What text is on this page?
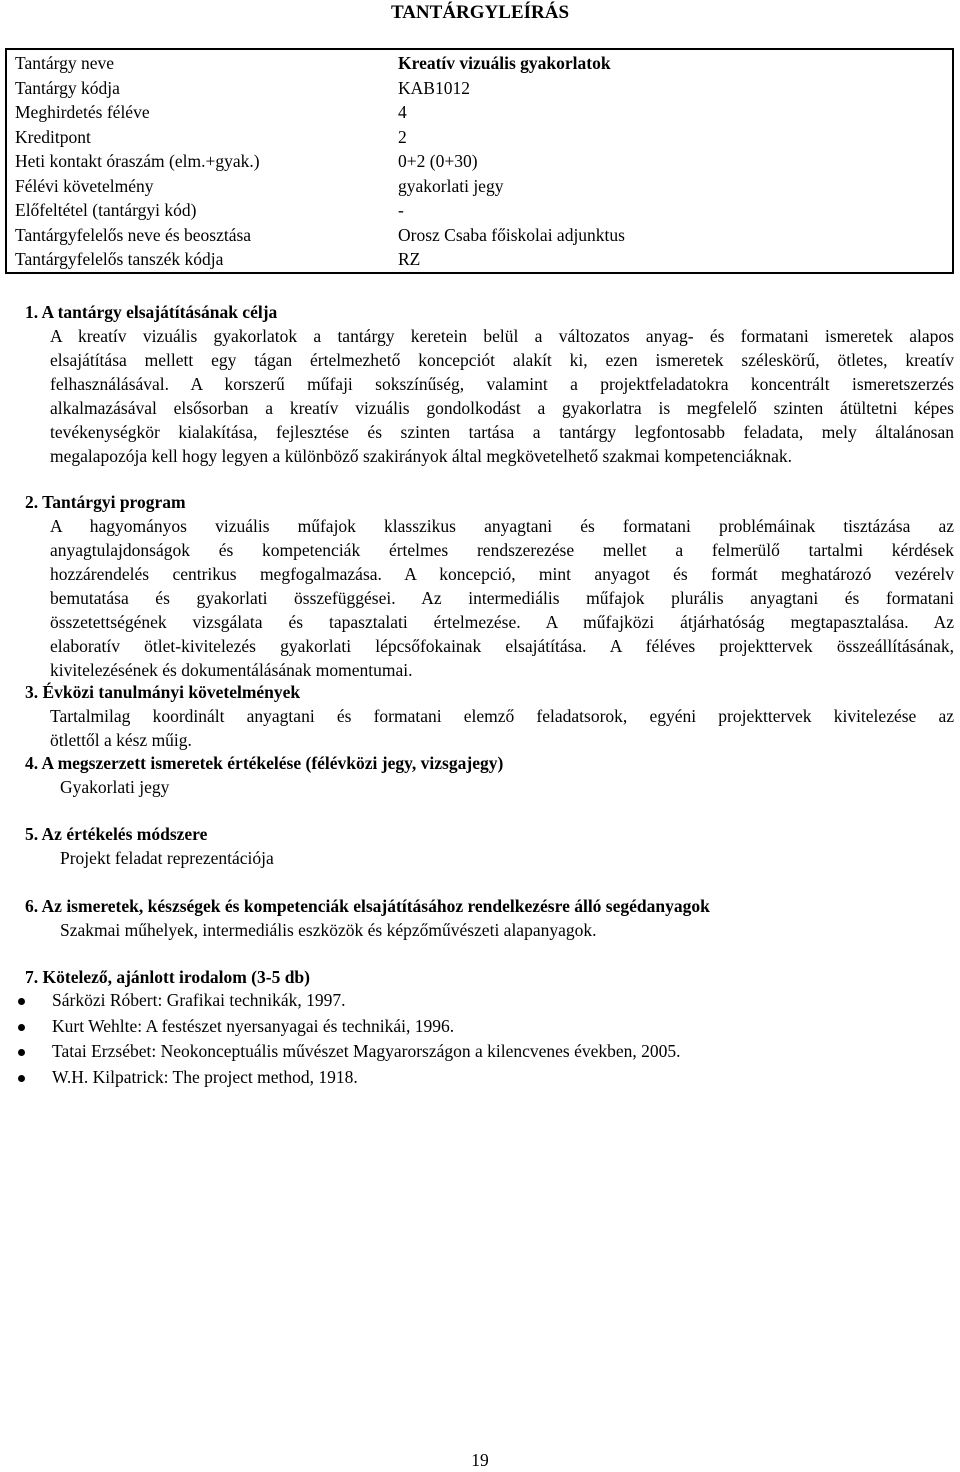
TANTÁRGYLEÍRÁS
Tantárgy neve	Kreatív vizuális gyakorlatok
Tantárgy kódja	KAB1012
Meghirdetés féléve	4
Kreditpont	2
Heti kontakt óraszám (elm.+gyak.)	0+2 (0+30)
Félévi követelmény	gyakorlati jegy
Előfeltétel (tantárgyi kód)	-
Tantárgyfelelős neve és beosztása	Orosz Csaba főiskolai adjunktus
Tantárgyfelelős tanszék kódja	RZ
1. A tantárgy elsajátításának célja
A kreatív vizuális gyakorlatok a tantárgy keretein belül a változatos anyag- és formatani ismeretek alapos
elsajátítása mellett egy tágan értelmezhető koncepciót alakít ki, ezen ismeretek széleskörű, ötletes, kreatív
felhasználásával. A korszerű műfaji sokszínűség, valamint a projektfeladatokra koncentrált ismeretszerzés
alkalmazásával elsősorban a kreatív vizuális gondolkodást a gyakorlatra is megfelelő szinten átültetni képes
tevékenységkör kialakítása, fejlesztése és szinten tartása a tantárgy legfontosabb feladata, mely általánosan
megalapozója kell hogy legyen a különböző szakirányok által megkövetelhető szakmai kompetenciáknak.
2. Tantárgyi program
A hagyományos vizuális műfajok klasszikus anyagtani és formatani problémáinak tisztázása az
anyagtulajdonságok és kompetenciák értelmes rendszerezése mellet a felmerülő tartalmi kérdések
hozzárendelés centrikus megfogalmazása. A koncepció, mint anyagot és formát meghatározó vezérelv
bemutatása és gyakorlati összefüggései. Az intermediális műfajok plurális anyagtani és formatani
összetettségének vizsgálata és tapasztalati értelmezése. A műfajközi átjárhatóság megtapasztalása. Az
elaboratív ötlet-kivitelezés gyakorlati lépcsőfokainak elsajátítása. A féléves projekttervek összeállításának,
kivitelezésének és dokumentálásának momentumai.
3. Évközi tanulmányi követelmények
Tartalmilag koordinált anyagtani és formatani elemző feladatsorok, egyéni projekttervek kivitelezése az
ötlettől a kész műig.
4. A megszerzett ismeretek értékelése (félévközi jegy, vizsgajegy)
Gyakorlati jegy
5. Az értékelés módszere
Projekt feladat reprezentációja
6. Az ismeretek, készségek és kompetenciák elsajátításához rendelkezésre álló segédanyagok
Szakmai műhelyek, intermediális eszközök és képzőművészeti alapanyagok.
7. Kötelező, ajánlott irodalom (3-5 db)
Sárközi Róbert: Grafikai technikák, 1997.
Kurt Wehlte: A festészet nyersanyagai és technikái, 1996.
Tatai Erzsébet: Neokonceptuális művészet Magyarországon a kilencvenes években, 2005.
W.H. Kilpatrick: The project method, 1918.
19
